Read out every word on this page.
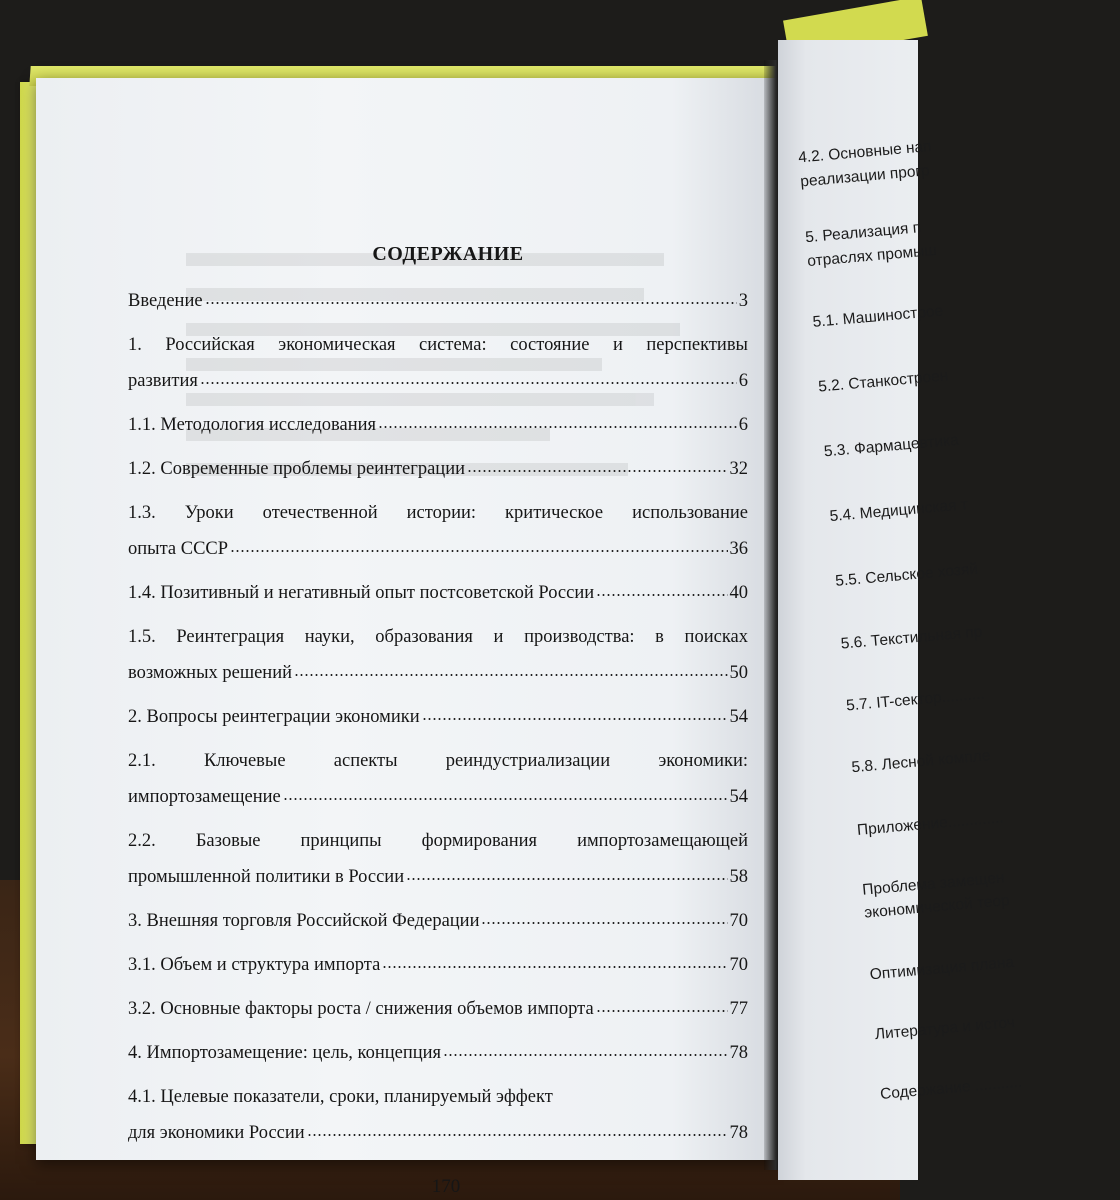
СОДЕРЖАНИЕ
Введение	3
1. Российская экономическая система: состояние и перспективы
развития	6
1.1. Методология исследования	6
1.2. Современные проблемы реинтеграции	32
1.3. Уроки отечественной истории: критическое использование
опыта СССР	36
1.4. Позитивный и негативный опыт постсоветской России	40
1.5. Реинтеграция науки, образования и производства: в поисках
возможных решений	50
2. Вопросы реинтеграции экономики	54
2.1. Ключевые аспекты реиндустриализации экономики:
импортозамещение	54
2.2. Базовые принципы формирования импортозамещающей
промышленной политики в России	58
3. Внешняя торговля Российской Федерации	70
3.1. Объем и структура импорта	70
3.2. Основные факторы роста / снижения объемов импорта	77
4. Импортозамещение: цель, концепция	78
4.1. Целевые показатели, сроки, планируемый эффект
для экономики России	78
170
4.2. Основные нап
реализации прогр
5. Реализация п
отраслях промыш
5.1. Машинострое
5.2. Станкостроен
5.3. Фармацевтика
5.4. Медицинская т
5.5. Сельское хозяй
5.6. Текстильная пр
5.7. IT-сектор..........
5.8. Лесной компле
Приложение.............
Проблема замещен
экономической теор
Оптимизация плана
Литература и источ
Содержание ...........
